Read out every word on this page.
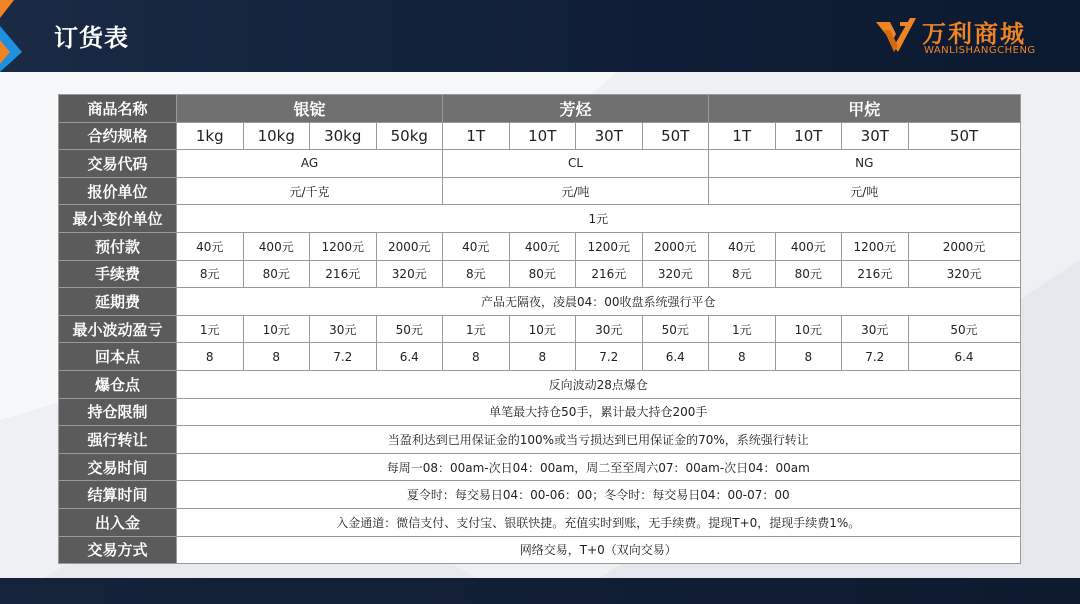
订货表	万利商城
WANLISHANGCHENG
商品名称	银锭				芳烃				甲烷			
合约规格	1kg	10kg	30kg	50kg	1T	10T	30T	50T	1T	10T	30T	50T
交易代码	AG				CL				NG			
报价单位	元/千克				元/吨				元/吨			
最小变价单位	1元											
预付款	40元	400元	1200元	2000元	40元	400元	1200元	2000元	40元	400元	1200元	2000元
手续费	8元	80元	216元	320元	8元	80元	216元	320元	8元	80元	216元	320元
延期费	产品无隔夜，凌晨04：00收盘系统强行平仓											
最小波动盈亏	1元	10元	30元	50元	1元	10元	30元	50元	1元	10元	30元	50元
回本点	8	8	7.2	6.4	8	8	7.2	6.4	8	8	7.2	6.4
爆仓点	反向波动28点爆仓											
持仓限制	单笔最大持仓50手，累计最大持仓200手											
强行转让	当盈利达到已用保证金的100%或当亏损达到已用保证金的70%，系统强行转让											
交易时间	每周一08：00am-次日04：00am，周二至至周六07：00am-次日04：00am											
结算时间	夏令时：每交易日04：00-06：00；冬令时：每交易日04：00-07：00											
出入金	入金通道：微信支付、支付宝、银联快捷。充值实时到账，无手续费。提现T+0，提现手续费1%。											
交易方式	网络交易，T+0（双向交易）											
